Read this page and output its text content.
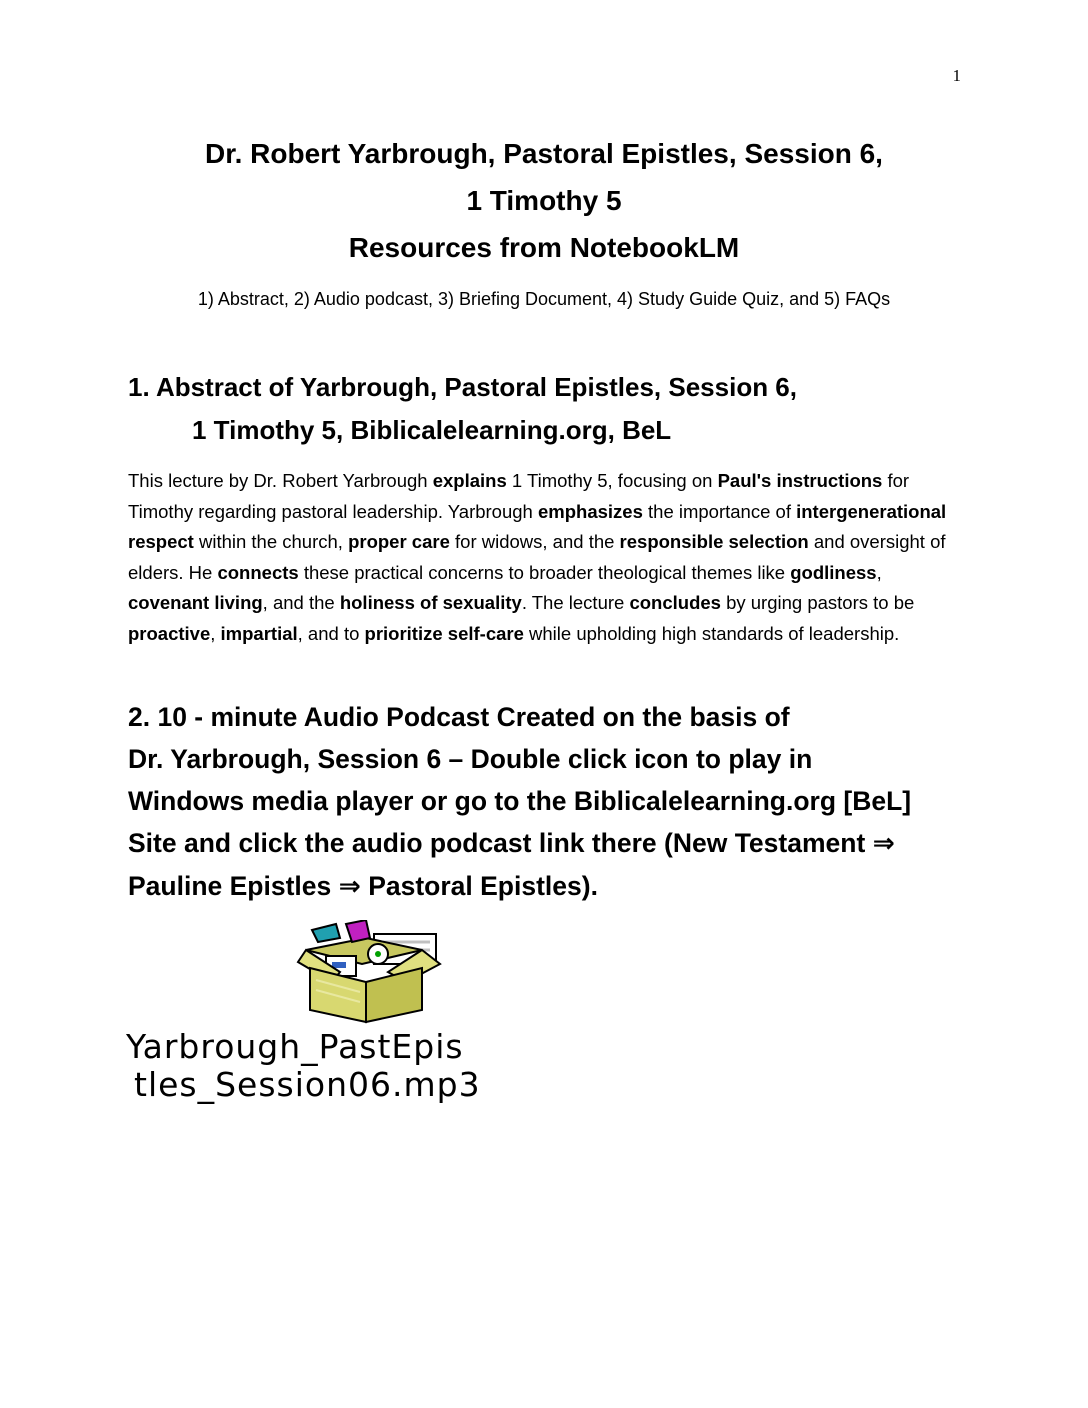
1
Dr. Robert Yarbrough, Pastoral Epistles, Session 6,
1 Timothy 5
Resources from NotebookLM
1) Abstract, 2) Audio podcast, 3) Briefing Document, 4) Study Guide Quiz, and 5) FAQs
1. Abstract of Yarbrough, Pastoral Epistles, Session 6,
1 Timothy 5, Biblicalelearning.org, BeL
This lecture by Dr. Robert Yarbrough explains 1 Timothy 5, focusing on Paul's instructions for Timothy regarding pastoral leadership. Yarbrough emphasizes the importance of intergenerational respect within the church, proper care for widows, and the responsible selection and oversight of elders. He connects these practical concerns to broader theological themes like godliness, covenant living, and the holiness of sexuality. The lecture concludes by urging pastors to be proactive, impartial, and to prioritize self-care while upholding high standards of leadership.
2. 10 - minute Audio Podcast Created on the basis of
Dr. Yarbrough, Session 6 – Double click icon to play in
Windows media player or go to the Biblicalelearning.org [BeL]
Site and click the audio podcast link there (New Testament ⇒
Pauline Epistles ⇒ Pastoral Epistles).
Yarbrough_PastEpis
tles_Session06.mp3
